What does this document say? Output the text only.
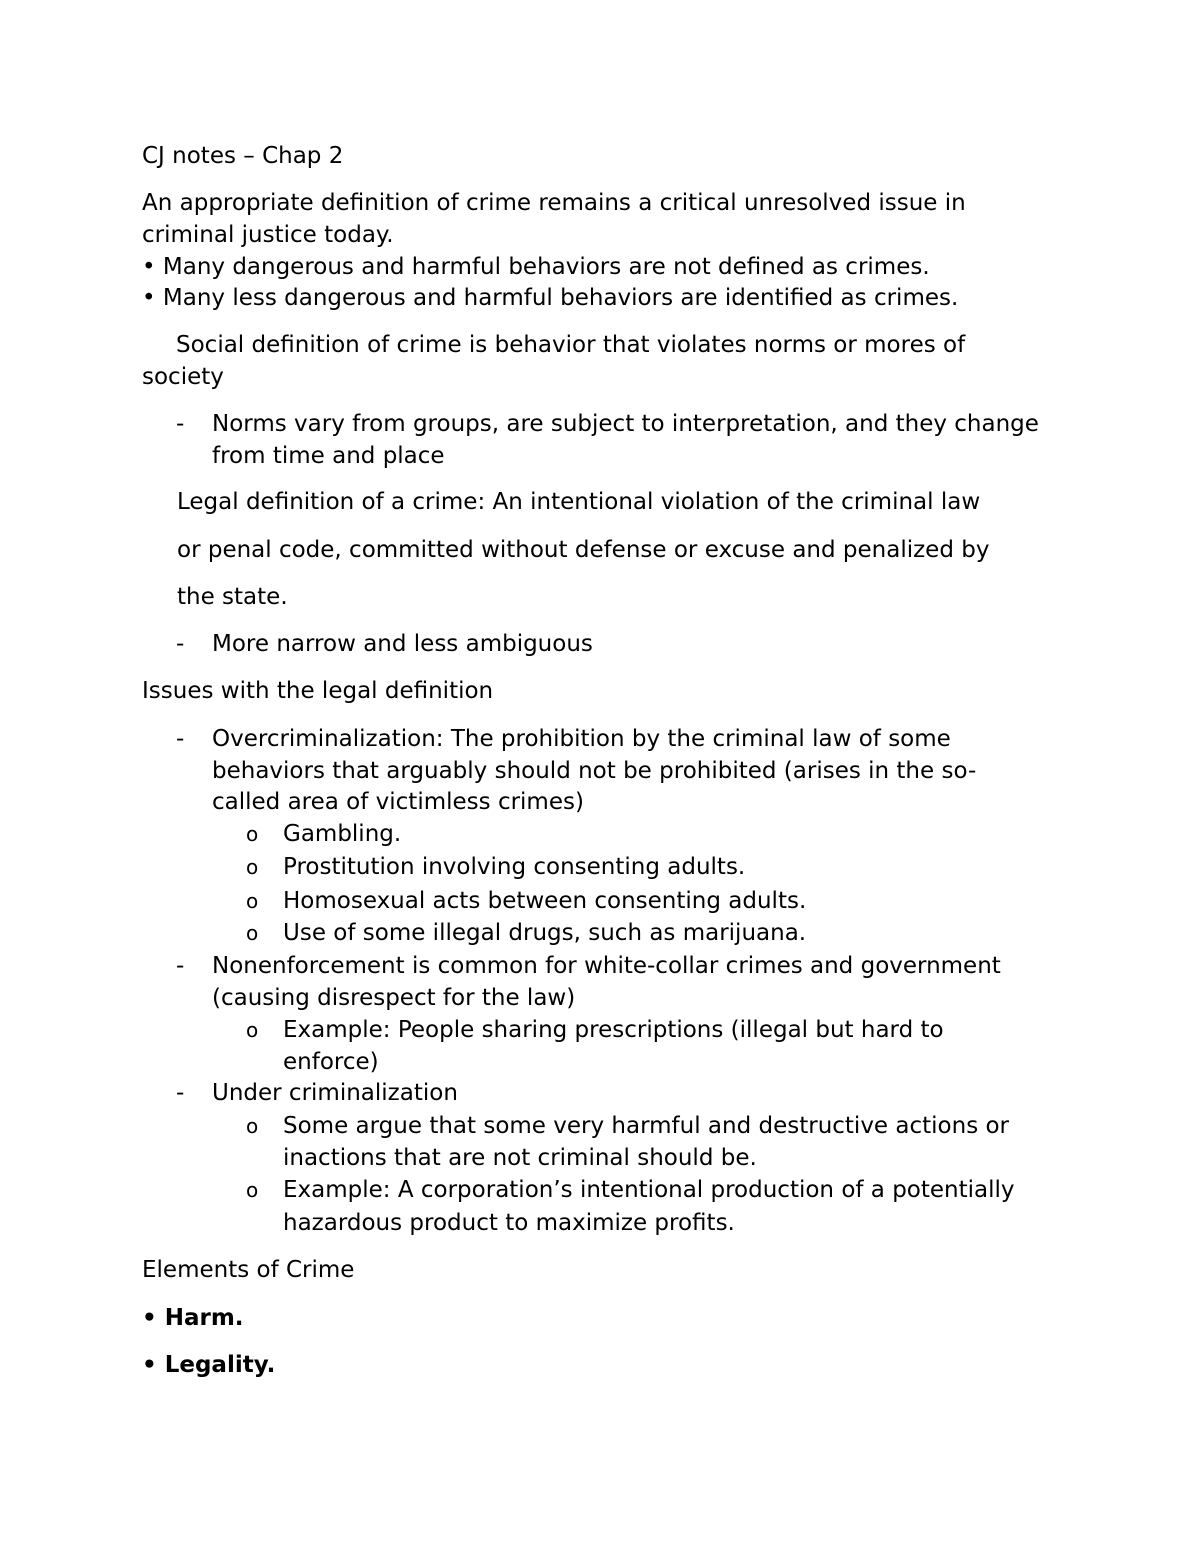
CJ notes – Chap 2
An appropriate definition of crime remains a critical unresolved issue in
criminal justice today.
• Many dangerous and harmful behaviors are not defined as crimes.
• Many less dangerous and harmful behaviors are identified as crimes.
Social definition of crime is behavior that violates norms or mores of
society
- Norms vary from groups, are subject to interpretation, and they change
from time and place
Legal definition of a crime: An intentional violation of the criminal law
or penal code, committed without defense or excuse and penalized by
the state.
- More narrow and less ambiguous
Issues with the legal definition
- Overcriminalization: The prohibition by the criminal law of some
behaviors that arguably should not be prohibited (arises in the so-
called area of victimless crimes)
o Gambling.
o Prostitution involving consenting adults.
o Homosexual acts between consenting adults.
o Use of some illegal drugs, such as marijuana.
- Nonenforcement is common for white-collar crimes and government
(causing disrespect for the law)
o Example: People sharing prescriptions (illegal but hard to
enforce)
- Under criminalization
o Some argue that some very harmful and destructive actions or
inactions that are not criminal should be.
o Example: A corporation’s intentional production of a potentially
hazardous product to maximize profits.
Elements of Crime
• Harm.
• Legality.
